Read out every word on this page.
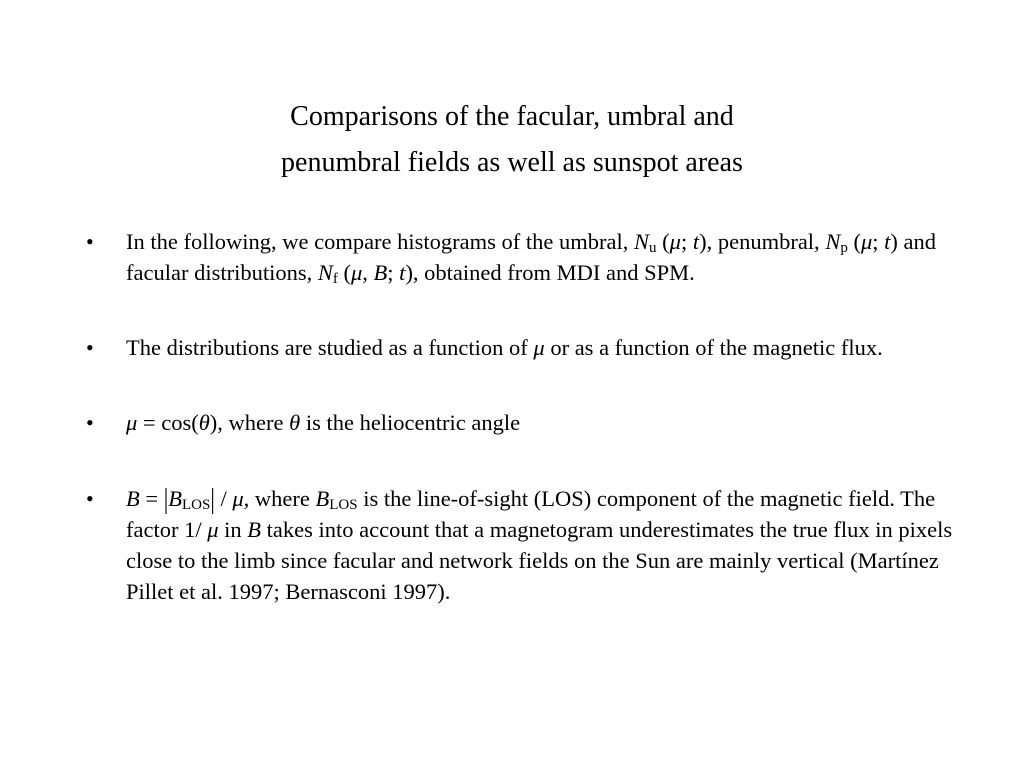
Comparisons of the facular, umbral and
penumbral fields as well as sunspot areas
• In the following, we compare histograms of the umbral, $N_u$ (μ; t), penumbral, $N_p$ (μ; t) and facular distributions, $N_f$ (μ, B; t), obtained from MDI and SPM.
• The distributions are studied as a function of μ or as a function of the magnetic flux.
• μ = cos(θ), where θ is the heliocentric angle
• $B = |B_{LOS}| / \mu$, where $B_{LOS}$ is the line-of-sight (LOS) component of the magnetic field. The factor 1/ μ in B takes into account that a magnetogram underestimates the true flux in pixels close to the limb since facular and network fields on the Sun are mainly vertical (Martínez Pillet et al. 1997; Bernasconi 1997).
